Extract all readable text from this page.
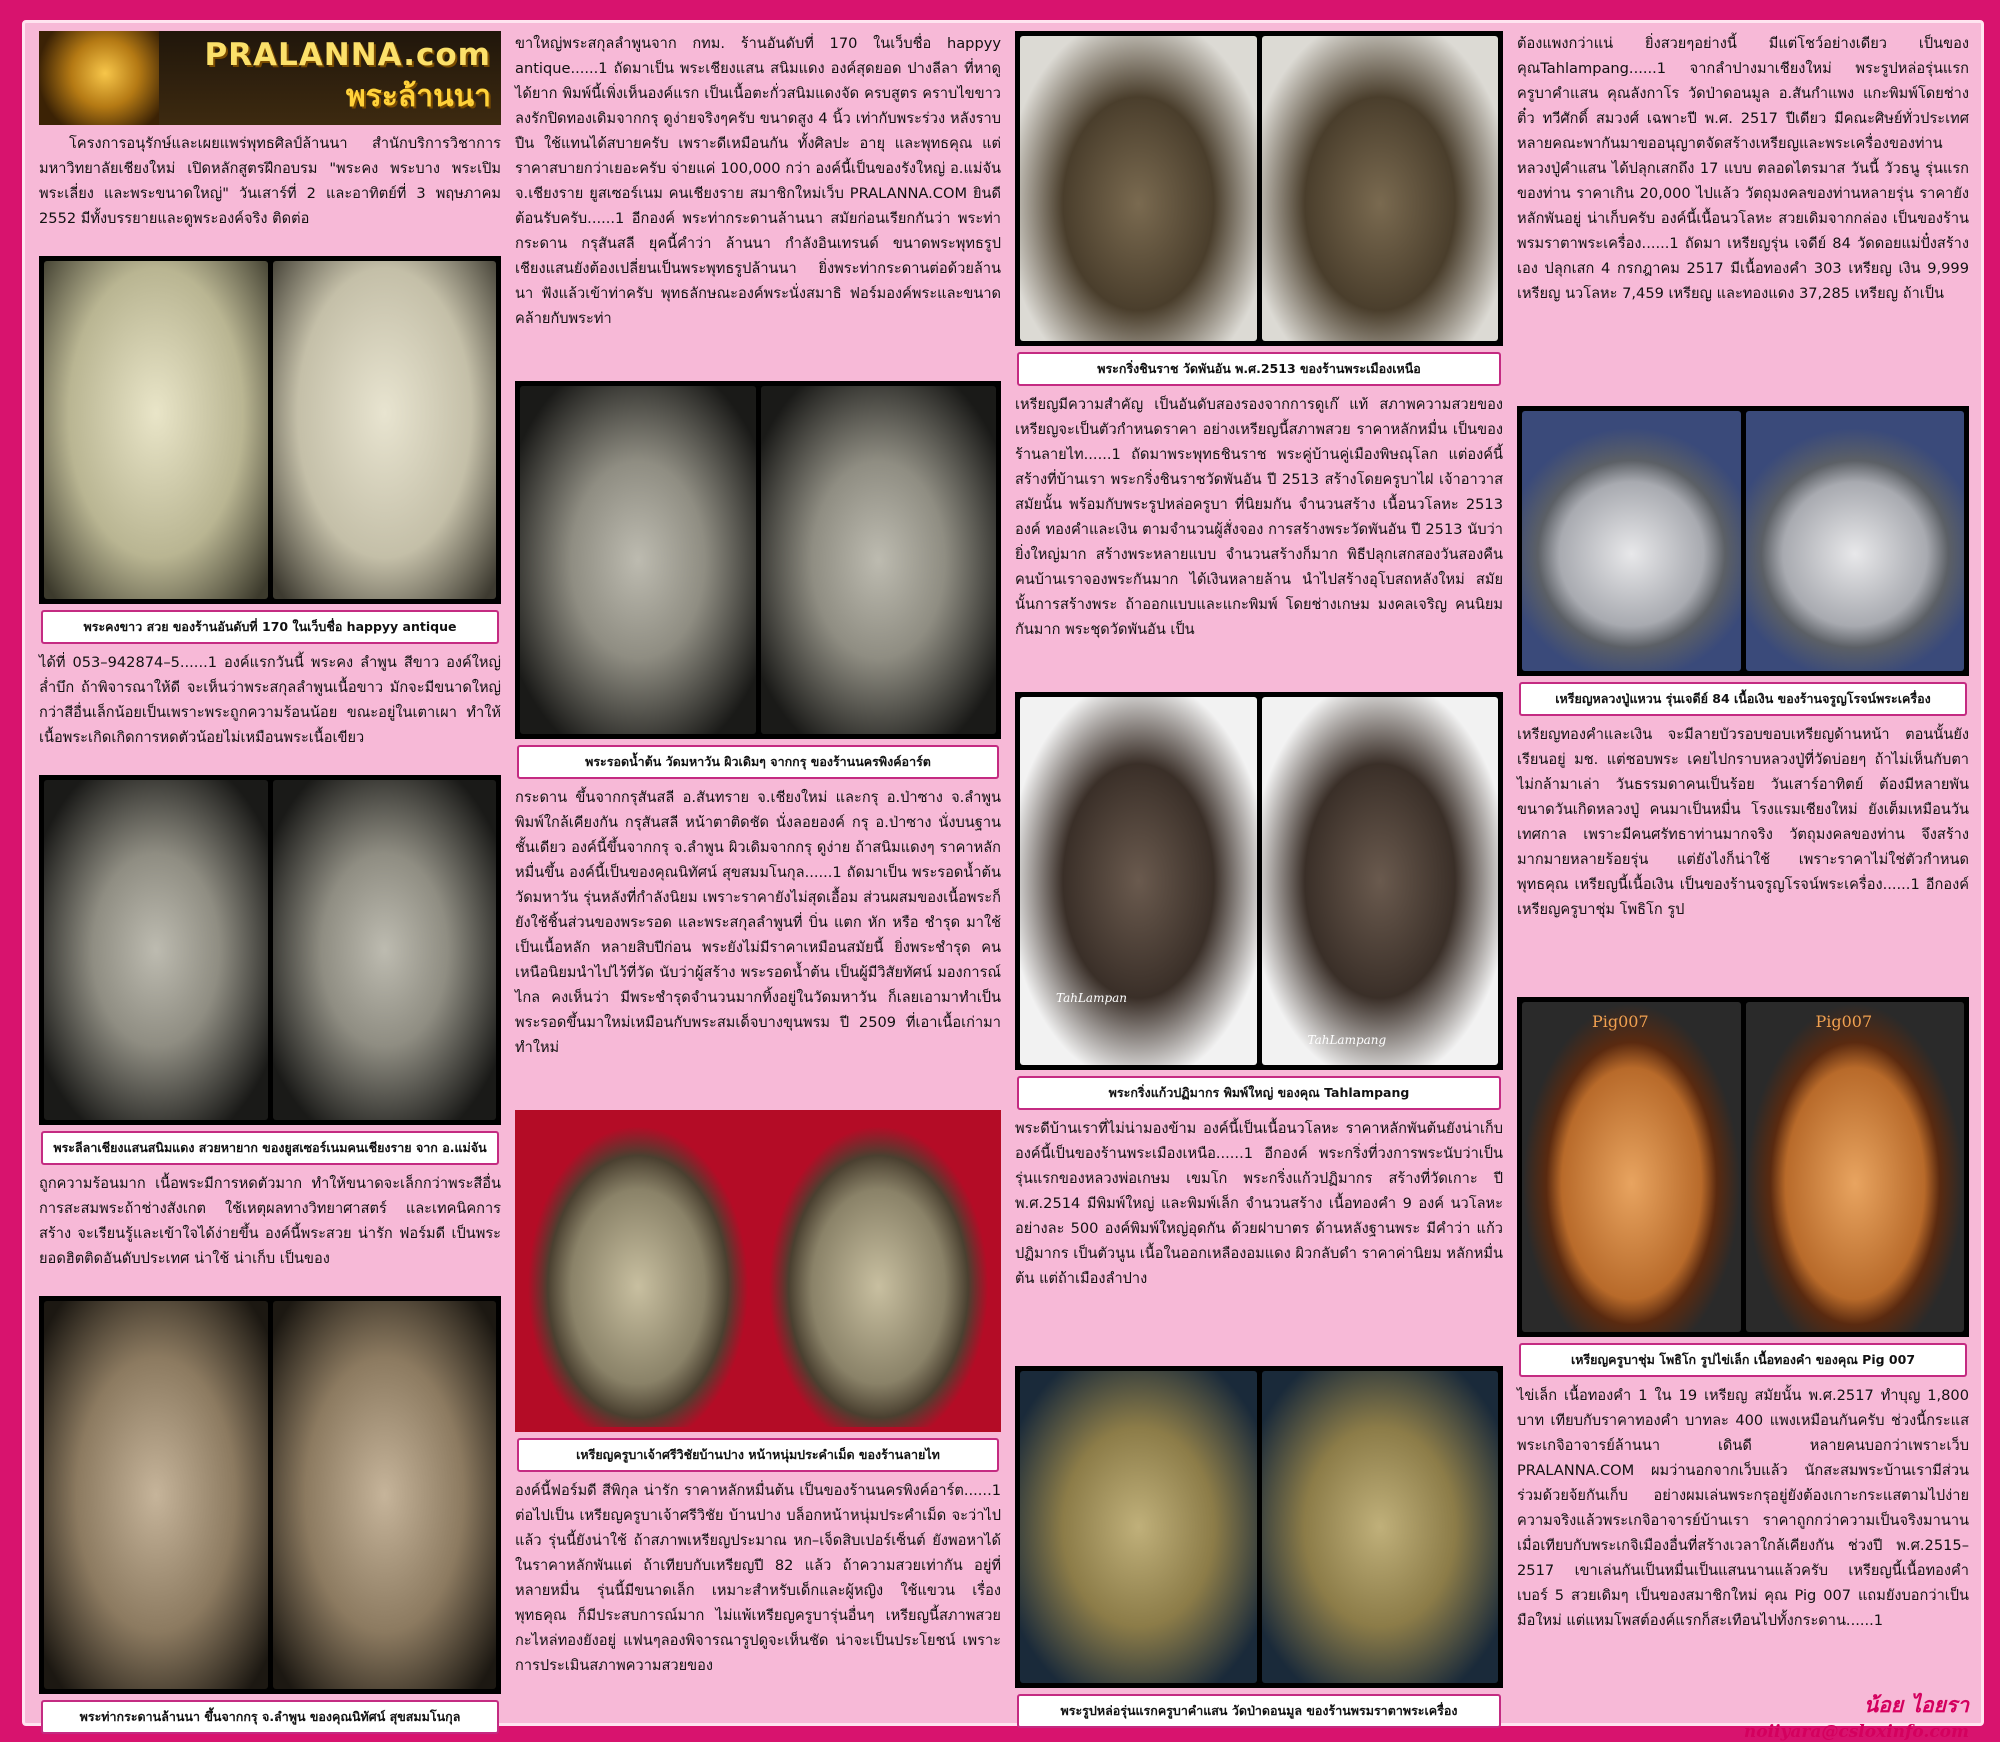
PRALANNA.com
พระล้านนา

โครงการอนุรักษ์และเผยแพร่พุทธศิลป์ล้านนา สำนักบริการวิชาการมหาวิทยาลัยเชียงใหม่ เปิดหลักสูตรฝึกอบรม "พระคง พระบาง พระเปิม พระเลี่ยง และพระขนาดใหญ่" วันเสาร์ที่ 2 และอาทิตย์ที่ 3 พฤษภาคม 2552 มีทั้งบรรยายและดูพระองค์จริง ติดต่อ

พระคงขาว สวย ของร้านอันดับที่ 170 ในเว็บชื่อ happyy antique

ได้ที่ 053–942874–5......1 องค์แรกวันนี้ พระคง ลำพูน สีขาว องค์ใหญ่ล่ำบึก ถ้าพิจารณาให้ดี จะเห็นว่าพระสกุลลำพูนเนื้อขาว มักจะมีขนาดใหญ่กว่าสีอื่นเล็กน้อยเป็นเพราะพระถูกความร้อนน้อย ขณะอยู่ในเตาเผา ทำให้เนื้อพระเกิดเกิดการหดตัวน้อยไม่เหมือนพระเนื้อเขียว

พระลีลาเชียงแสนสนิมแดง สวยหายาก ของยูสเซอร์เนมคนเชียงราย จาก อ.แม่จัน

ถูกความร้อนมาก เนื้อพระมีการหดตัวมาก ทำให้ขนาดจะเล็กกว่าพระสีอื่น การสะสมพระถ้าช่างสังเกต ใช้เหตุผลทางวิทยาศาสตร์ และเทคนิคการสร้าง จะเรียนรู้และเข้าใจได้ง่ายขึ้น องค์นี้พระสวย น่ารัก ฟอร์มดี เป็นพระยอดฮิตติดอันดับประเทศ น่าใช้ น่าเก็บ เป็นของ

พระท่ากระดานล้านนา ขึ้นจากกรุ จ.ลำพูน ของคุณนิทัศน์ สุขสมมโนกุล

ขาใหญ่พระสกุลลำพูนจาก กทม. ร้านอันดับที่ 170 ในเว็บชื่อ happyy antique......1 ถัดมาเป็น พระเชียงแสน สนิมแดง องค์สุดยอด ปางลีลา ที่หาดูได้ยาก พิมพ์นี้เพิ่งเห็นองค์แรก เป็นเนื้อตะกั่วสนิมแดงจัด ครบสูตร คราบไขขาว ลงรักปิดทองเดิมจากกรุ ดูง่ายจริงๆครับ ขนาดสูง 4 นิ้ว เท่ากับพระร่วง หลังราบปืน ใช้แทนได้สบายครับ เพราะดีเหมือนกัน ทั้งศิลปะ อายุ และพุทธคุณ แต่ราคาสบายกว่าเยอะครับ จ่ายแค่ 100,000 กว่า องค์นี้เป็นของรังใหญ่ อ.แม่จัน จ.เชียงราย ยูสเซอร์เนม คนเชียงราย สมาชิกใหม่เว็บ PRALANNA.COM ยินดีต้อนรับครับ......1 อีกองค์ พระท่ากระดานล้านนา สมัยก่อนเรียกกันว่า พระท่ากระดาน กรุสันสลี ยุคนี้คำว่า ล้านนา กำลังอินเทรนด์ ขนาดพระพุทธรูปเชียงแสนยังต้องเปลี่ยนเป็นพระพุทธรูปล้านนา ยิ่งพระท่ากระดานต่อด้วยล้านนา ฟังแล้วเข้าท่าครับ พุทธลักษณะองค์พระนั่งสมาธิ ฟอร์มองค์พระและขนาดคล้ายกับพระท่า

พระรอดน้ำต้น วัดมหาวัน ผิวเดิมๆ จากกรุ ของร้านนครพิงค์อาร์ต

กระดาน ขึ้นจากกรุสันสลี อ.สันทราย จ.เชียงใหม่ และกรุ อ.ป่าซาง จ.ลำพูน พิมพ์ใกล้เคียงกัน กรุสันสลี หน้าตาติดชัด นั่งลอยองค์ กรุ อ.ป่าซาง นั่งบนฐานชั้นเดียว องค์นี้ขึ้นจากกรุ จ.ลำพูน ผิวเดิมจากกรุ ดูง่าย ถ้าสนิมแดงๆ ราคาหลักหมื่นขึ้น องค์นี้เป็นของคุณนิทัศน์ สุขสมมโนกุล......1 ถัดมาเป็น พระรอดน้ำต้น วัดมหาวัน รุ่นหลังที่กำลังนิยม เพราะราคายังไม่สุดเอื้อม ส่วนผสมของเนื้อพระก็ยังใช้ชิ้นส่วนของพระรอด และพระสกุลลำพูนที่ บิ่น แตก หัก หรือ ชำรุด มาใช้เป็นเนื้อหลัก หลายสิบปีก่อน พระยังไม่มีราคาเหมือนสมัยนี้ ยิ่งพระชำรุด คนเหนือนิยมนำไปไว้ที่วัด นับว่าผู้สร้าง พระรอดน้ำต้น เป็นผู้มีวิสัยทัศน์ มองการณ์ไกล คงเห็นว่า มีพระชำรุดจำนวนมากทิ้งอยู่ในวัดมหาวัน ก็เลยเอามาทำเป็นพระรอดขึ้นมาใหม่เหมือนกับพระสมเด็จบางขุนพรม ปี 2509 ที่เอาเนื้อเก่ามาทำใหม่

เหรียญครูบาเจ้าศรีวิชัยบ้านปาง หน้าหนุ่มประคำเม็ด ของร้านลายไท

องค์นี้ฟอร์มดี สีพิกุล น่ารัก ราคาหลักหมื่นต้น เป็นของร้านนครพิงค์อาร์ต......1 ต่อไปเป็น เหรียญครูบาเจ้าศรีวิชัย บ้านปาง บล็อกหน้าหนุ่มประคำเม็ด จะว่าไปแล้ว รุ่นนี้ยังน่าใช้ ถ้าสภาพเหรียญประมาณ หก–เจ็ดสิบเปอร์เซ็นต์ ยังพอหาได้ในราคาหลักพันแต่ ถ้าเทียบกับเหรียญปี 82 แล้ว ถ้าความสวยเท่ากัน อยู่ที่หลายหมื่น รุ่นนี้มีขนาดเล็ก เหมาะสำหรับเด็กและผู้หญิง ใช้แขวน เรื่องพุทธคุณ ก็มีประสบการณ์มาก ไม่แพ้เหรียญครูบารุ่นอื่นๆ เหรียญนี้สภาพสวยกะไหล่ทองยังอยู่ แฟนๆลองพิจารณารูปดูจะเห็นชัด น่าจะเป็นประโยชน์ เพราะการประเมินสภาพความสวยของ

พระกริ่งชินราช วัดพันอัน พ.ศ.2513 ของร้านพระเมืองเหนือ

เหรียญมีความสำคัญ เป็นอันดับสองรองจากการดูเก๊ แท้ สภาพความสวยของเหรียญจะเป็นตัวกำหนดราคา อย่างเหรียญนี้สภาพสวย ราคาหลักหมื่น เป็นของร้านลายไท......1 ถัดมาพระพุทธชินราช พระคู่บ้านคู่เมืองพิษณุโลก แต่องค์นี้สร้างที่บ้านเรา พระกริ่งชินราชวัดพันอัน ปี 2513 สร้างโดยครูบาไฝ เจ้าอาวาสสมัยนั้น พร้อมกับพระรูปหล่อครูบา ที่นิยมกัน จำนวนสร้าง เนื้อนวโลหะ 2513 องค์ ทองคำและเงิน ตามจำนวนผู้สั่งจอง การสร้างพระวัดพันอัน ปี 2513 นับว่ายิ่งใหญ่มาก สร้างพระหลายแบบ จำนวนสร้างก็มาก พิธีปลุกเสกสองวันสองคืน คนบ้านเราจองพระกันมาก ได้เงินหลายล้าน นำไปสร้างอุโบสถหลังใหม่ สมัยนั้นการสร้างพระ ถ้าออกแบบและแกะพิมพ์ โดยช่างเกษม มงคลเจริญ คนนิยมกันมาก พระชุดวัดพันอัน เป็น

TahLampan
TahLampang
พระกริ่งแก้วปฏิมากร พิมพ์ใหญ่ ของคุณ Tahlampang

พระดีบ้านเราที่ไม่น่ามองข้าม องค์นี้เป็นเนื้อนวโลหะ ราคาหลักพันต้นยังน่าเก็บ องค์นี้เป็นของร้านพระเมืองเหนือ......1 อีกองค์ พระกริ่งที่วงการพระนับว่าเป็นรุ่นแรกของหลวงพ่อเกษม เขมโก พระกริ่งแก้วปฏิมากร สร้างที่วัดเกาะ ปี พ.ศ.2514 มีพิมพ์ใหญ่ และพิมพ์เล็ก จำนวนสร้าง เนื้อทองคำ 9 องค์ นวโลหะ อย่างละ 500 องค์พิมพ์ใหญ่อุดกัน ด้วยฝาบาตร ด้านหลังฐานพระ มีคำว่า แก้ว ปฏิมากร เป็นตัวนูน เนื้อในออกเหลืองอมแดง ผิวกลับดำ ราคาค่านิยม หลักหมื่นต้น แต่ถ้าเมืองลำปาง

พระรูปหล่อรุ่นแรกครูบาคำแสน วัดป่าดอนมูล ของร้านพรมราตาพระเครื่อง

ต้องแพงกว่าแน่ ยิ่งสวยๆอย่างนี้ มีแต่โชว์อย่างเดียว เป็นของคุณTahlampang......1 จากลำปางมาเชียงใหม่ พระรูปหล่อรุ่นแรก ครูบาคำแสน คุณลังกาโร วัดป่าดอนมูล อ.สันกำแพง แกะพิมพ์โดยช่างติ๋ว ทวีศักดิ์ สมวงศ์ เฉพาะปี พ.ศ. 2517 ปีเดียว มีคณะศิษย์ทั่วประเทศหลายคณะพากันมาขออนุญาตจัดสร้างเหรียญและพระเครื่องของท่าน หลวงปู่คำแสน ได้ปลุกเสกถึง 17 แบบ ตลอดไตรมาส วันนี้ วัวธนู รุ่นแรกของท่าน ราคาเกิน 20,000 ไปแล้ว วัตถุมงคลของท่านหลายรุ่น ราคายังหลักพันอยู่ น่าเก็บครับ องค์นี้เนื้อนวโลหะ สวยเดิมจากกล่อง เป็นของร้านพรมราตาพระเครื่อง......1 ถัดมา เหรียญรุ่น เจดีย์ 84 วัดดอยแม่ปั๋งสร้างเอง ปลุกเสก 4 กรกฎาคม 2517 มีเนื้อทองคำ 303 เหรียญ เงิน 9,999 เหรียญ นวโลหะ 7,459 เหรียญ และทองแดง 37,285 เหรียญ ถ้าเป็น

เหรียญหลวงปู่แหวน รุ่นเจดีย์ 84 เนื้อเงิน ของร้านจรูญโรจน์พระเครื่อง

เหรียญทองคำและเงิน จะมีลายบัวรอบขอบเหรียญด้านหน้า ตอนนั้นยังเรียนอยู่ มช. แต่ชอบพระ เคยไปกราบหลวงปู่ที่วัดบ่อยๆ ถ้าไม่เห็นกับตา ไม่กล้ามาเล่า วันธรรมดาคนเป็นร้อย วันเสาร์อาทิตย์ ต้องมีหลายพัน ขนาดวันเกิดหลวงปู่ คนมาเป็นหมื่น โรงแรมเชียงใหม่ ยังเต็มเหมือนวันเทศกาล เพราะมีคนศรัทธาท่านมากจริง วัตถุมงคลของท่าน จึงสร้างมากมายหลายร้อยรุ่น แต่ยังไงก็น่าใช้ เพราะราคาไม่ใช่ตัวกำหนดพุทธคุณ เหรียญนี้เนื้อเงิน เป็นของร้านจรูญโรจน์พระเครื่อง......1 อีกองค์ เหรียญครูบาชุ่ม โพธิโก รูป

Pig007	Pig007
เหรียญครูบาชุ่ม โพธิโก รูปไข่เล็ก เนื้อทองคำ ของคุณ Pig 007

ไข่เล็ก เนื้อทองคำ 1 ใน 19 เหรียญ สมัยนั้น พ.ศ.2517 ทำบุญ 1,800 บาท เทียบกับราคาทองคำ บาทละ 400 แพงเหมือนกันครับ ช่วงนี้กระแสพระเกจิอาจารย์ล้านนา เดินดี หลายคนบอกว่าเพราะเว็บ PRALANNA.COM ผมว่านอกจากเว็บแล้ว นักสะสมพระบ้านเรามีส่วนร่วมด้วยจ้ยกันเก็บ อย่างผมเล่นพระกรุอยู่ยังต้องเกาะกระแสตามไปง่าย ความจริงแล้วพระเกจิอาจารย์บ้านเรา ราคาถูกกว่าความเป็นจริงมานาน เมื่อเทียบกับพระเกจิเมืองอื่นที่สร้างเวลาใกล้เคียงกัน ช่วงปี พ.ศ.2515–2517 เขาเล่นกันเป็นหมื่นเป็นแสนนานแล้วครับ เหรียญนี้เนื้อทองคำ เบอร์ 5 สวยเดิมๆ เป็นของสมาชิกใหม่ คุณ Pig 007 แถมยังบอกว่าเป็นมือใหม่ แต่แหมโพสต์องค์แรกก็สะเทือนไปทั้งกระดาน......1

น้อย ไอยรา
noiiyara@csloxinfo.com
